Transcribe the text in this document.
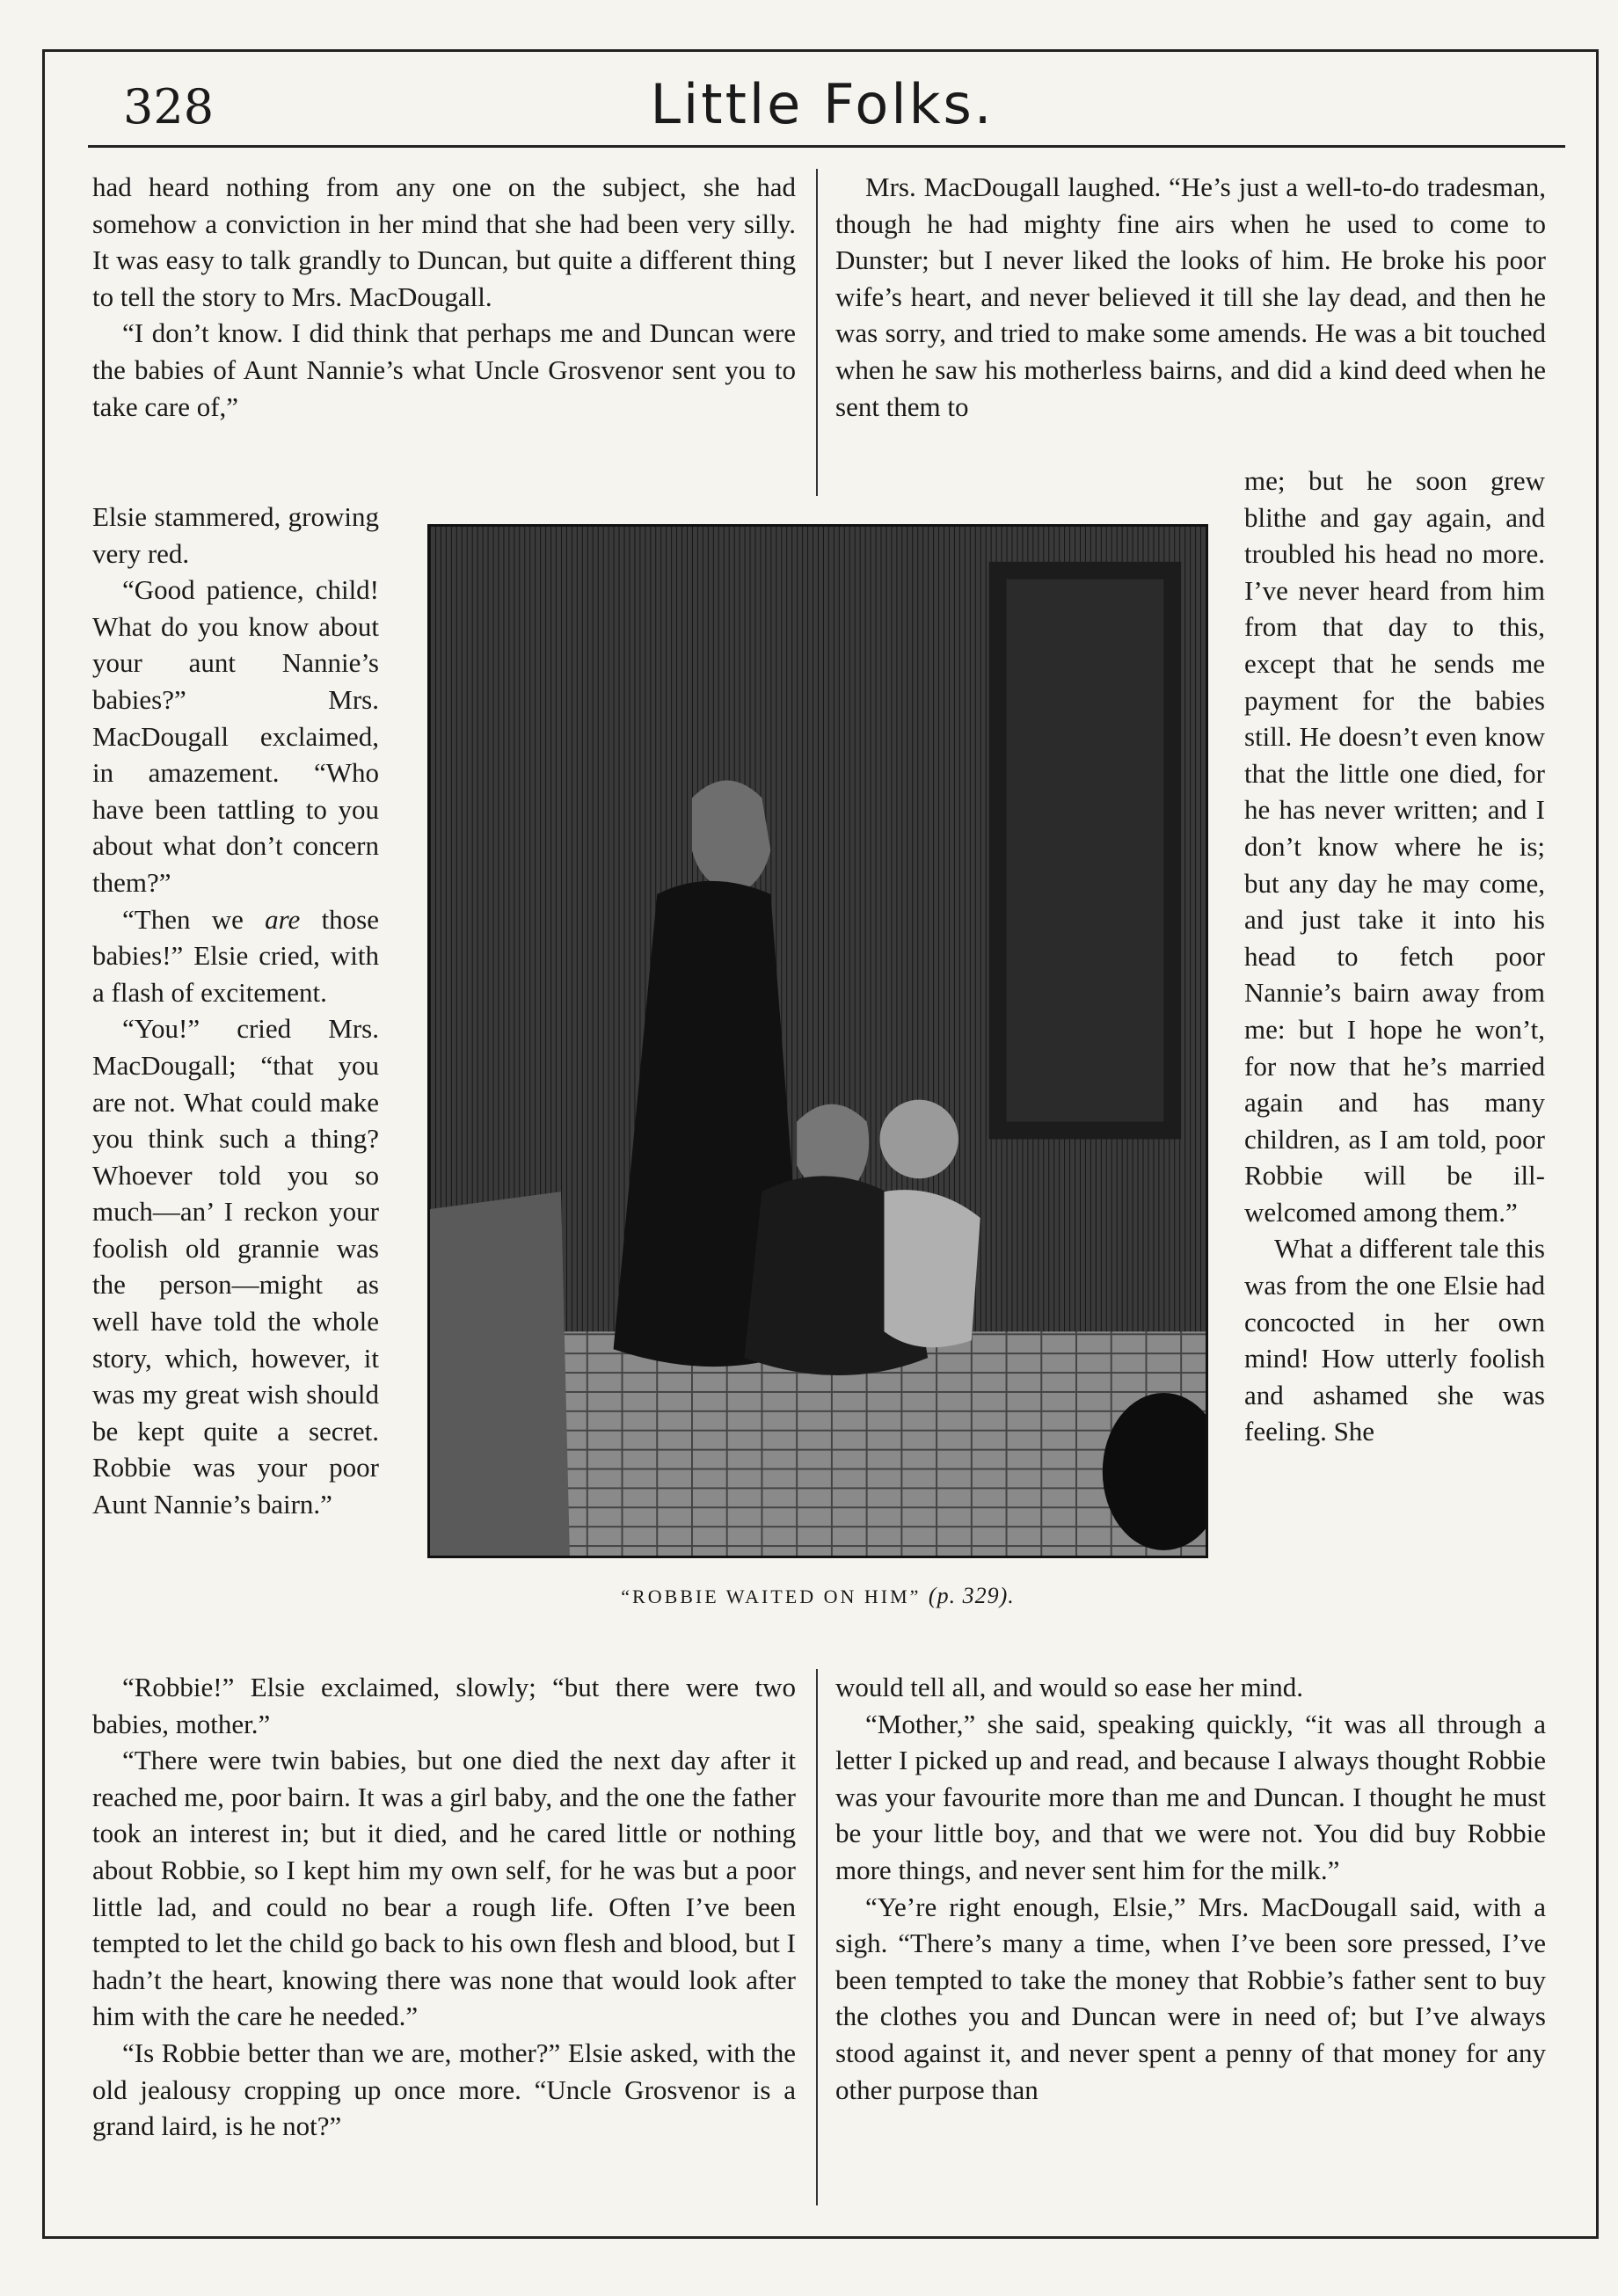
328	Little Folks.

had heard nothing from any one on the subject, she had somehow a conviction in her mind that she had been very silly. It was easy to talk grandly to Duncan, but quite a different thing to tell the story to Mrs. MacDougall.

“I don’t know. I did think that perhaps me and Duncan were the babies of Aunt Nannie’s what Uncle Grosvenor sent you to take care of,”

Elsie stammered, growing very red.

“Good patience, child! What do you know about your aunt Nannie’s babies?” Mrs. MacDougall exclaimed, in amazement. “Who have been tattling to you about what don’t concern them?”

“Then we are those babies!” Elsie cried, with a flash of excitement.

“You!” cried Mrs. MacDougall; “that you are not. What could make you think such a thing? Whoever told you so much—an’ I reckon your foolish old grannie was the person—might as well have told the whole story, which, however, it was my great wish should be kept quite a secret. Robbie was your poor Aunt Nannie’s bairn.”

“Robbie!” Elsie exclaimed, slowly; “but there were two babies, mother.”

“There were twin babies, but one died the next day after it reached me, poor bairn. It was a girl baby, and the one the father took an interest in; but it died, and he cared little or nothing about Robbie, so I kept him my own self, for he was but a poor little lad, and could no bear a rough life. Often I’ve been tempted to let the child go back to his own flesh and blood, but I hadn’t the heart, knowing there was none that would look after him with the care he needed.”

“Is Robbie better than we are, mother?” Elsie asked, with the old jealousy cropping up once more. “Uncle Grosvenor is a grand laird, is he not?”

Mrs. MacDougall laughed. “He’s just a well-to-do tradesman, though he had mighty fine airs when he used to come to Dunster; but I never liked the looks of him. He broke his poor wife’s heart, and never believed it till she lay dead, and then he was sorry, and tried to make some amends. He was a bit touched when he saw his motherless bairns, and did a kind deed when he sent them to

me; but he soon grew blithe and gay again, and troubled his head no more. I’ve never heard from him from that day to this, except that he sends me payment for the babies still. He doesn’t even know that the little one died, for he has never written; and I don’t know where he is; but any day he may come, and just take it into his head to fetch poor Nannie’s bairn away from me: but I hope he won’t, for now that he’s married again and has many children, as I am told, poor Robbie will be ill-welcomed among them.”

What a different tale this was from the one Elsie had concocted in her own mind! How utterly foolish and ashamed she was feeling. She

would tell all, and would so ease her mind.

“Mother,” she said, speaking quickly, “it was all through a letter I picked up and read, and because I always thought Robbie was your favourite more than me and Duncan. I thought he must be your little boy, and that we were not. You did buy Robbie more things, and never sent him for the milk.”

“Ye’re right enough, Elsie,” Mrs. MacDougall said, with a sigh. “There’s many a time, when I’ve been sore pressed, I’ve been tempted to take the money that Robbie’s father sent to buy the clothes you and Duncan were in need of; but I’ve always stood against it, and never spent a penny of that money for any other purpose than

“ROBBIE WAITED ON HIM” (p. 329).
